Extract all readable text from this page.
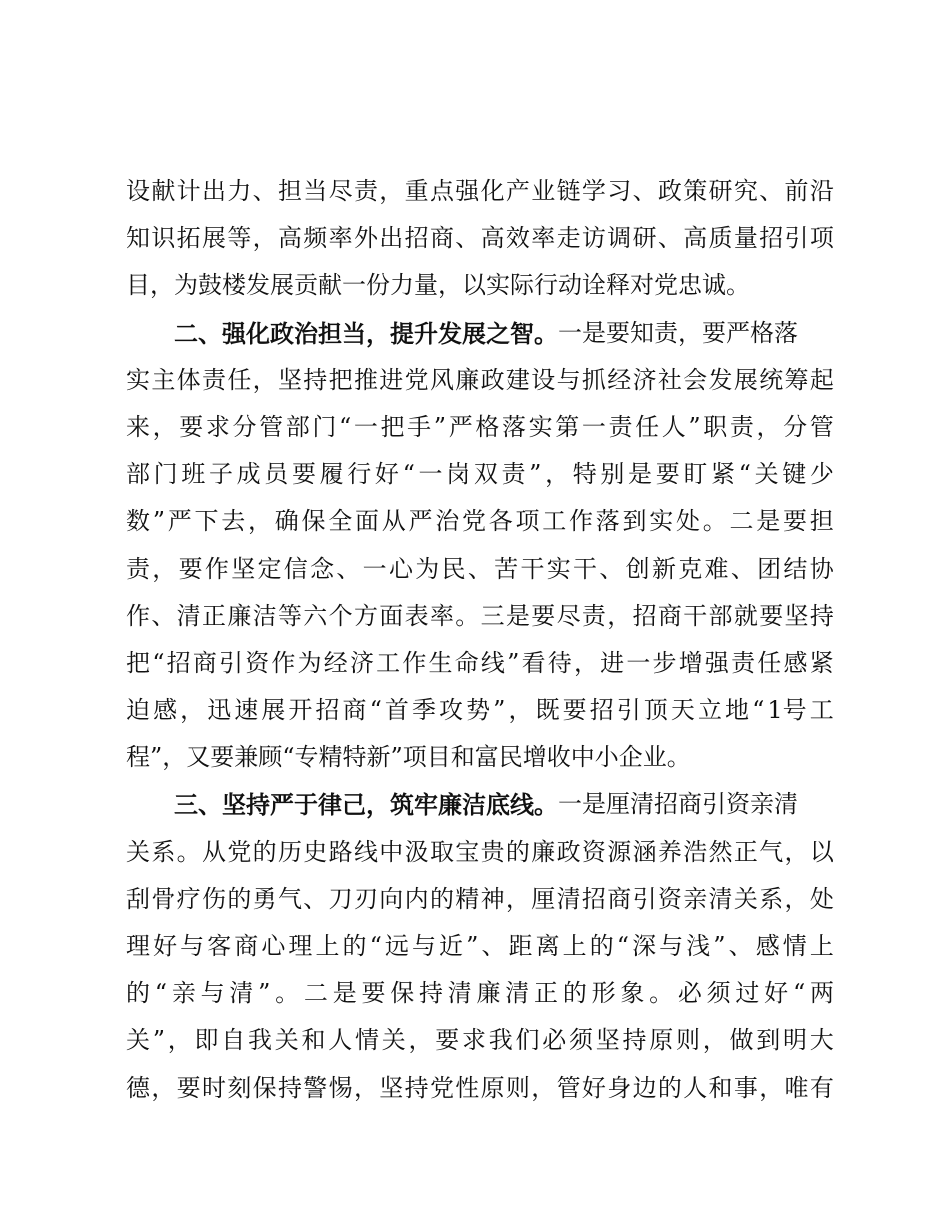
设 献 计 出 力 、 担 当 尽 责 ， 重 点 强 化 产 业 链 学 习 、 政 策 研 究 、 前 沿
知 识 拓 展 等 ， 高 频 率 外 出 招 商 、 高 效 率 走 访 调 研 、 高 质 量 招 引 项
目，为鼓楼发展贡献一份力量，以实际行动诠释对党忠诚。
二、强化政治担当，提升发展之智。 一是要知责，要严格落
实 主 体 责 任 ， 坚 持 把 推 进 党 风 廉 政 建 设 与 抓 经 济 社 会 发 展 统 筹 起
来 ， 要 求 分 管 部 门 “ 一 把 手 ” 严 格 落 实 第 一 责 任 人 ” 职 责 ， 分 管
部 门 班 子 成 员 要 履 行 好 “ 一 岗 双 责 ” ， 特 别 是 要 盯 紧 “ 关 键 少
数 ” 严 下 去 ， 确 保 全 面 从 严 治 党 各 项 工 作 落 到 实 处 。 二 是 要 担
责 ， 要 作 坚 定 信 念 、 一 心 为 民 、 苦 干 实 干 、 创 新 克 难 、 团 结 协
作 、 清 正 廉 洁 等 六 个 方 面 表 率 。 三 是 要 尽 责 ， 招 商 干 部 就 要 坚 持
把 “ 招 商 引 资 作 为 经 济 工 作 生 命 线 ” 看 待 ， 进 一 步 增 强 责 任 感 紧
迫 感 ， 迅 速 展 开 招 商 “ 首 季 攻 势 ” ， 既 要 招 引 顶 天 立 地 “ 1号 工
程”，又要兼顾“专精特新”项目和富民增收中小企业。
三、坚持严于律己，筑牢廉洁底线。 一是厘清招商引资亲清
关 系 。 从 党 的 历 史 路 线 中 汲 取 宝 贵 的 廉 政 资 源 涵 养 浩 然 正 气 ， 以
刮 骨 疗 伤 的 勇 气 、 刀 刃 向 内 的 精 神 ， 厘 清 招 商 引 资 亲 清 关 系 ， 处
理 好 与 客 商 心 理 上 的 “ 远 与 近 ” 、 距 离 上 的 “ 深 与 浅 ” 、 感 情 上
的 “ 亲 与 清 ” 。 二 是 要 保 持 清 廉 清 正 的 形 象 。 必 须 过 好 “ 两
关 ” ， 即 自 我 关 和 人 情 关 ， 要 求 我 们 必 须 坚 持 原 则 ， 做 到 明 大
德 ， 要 时 刻 保 持 警 惕 ， 坚 持 党 性 原 则 ， 管 好 身 边 的 人 和 事 ， 唯 有
